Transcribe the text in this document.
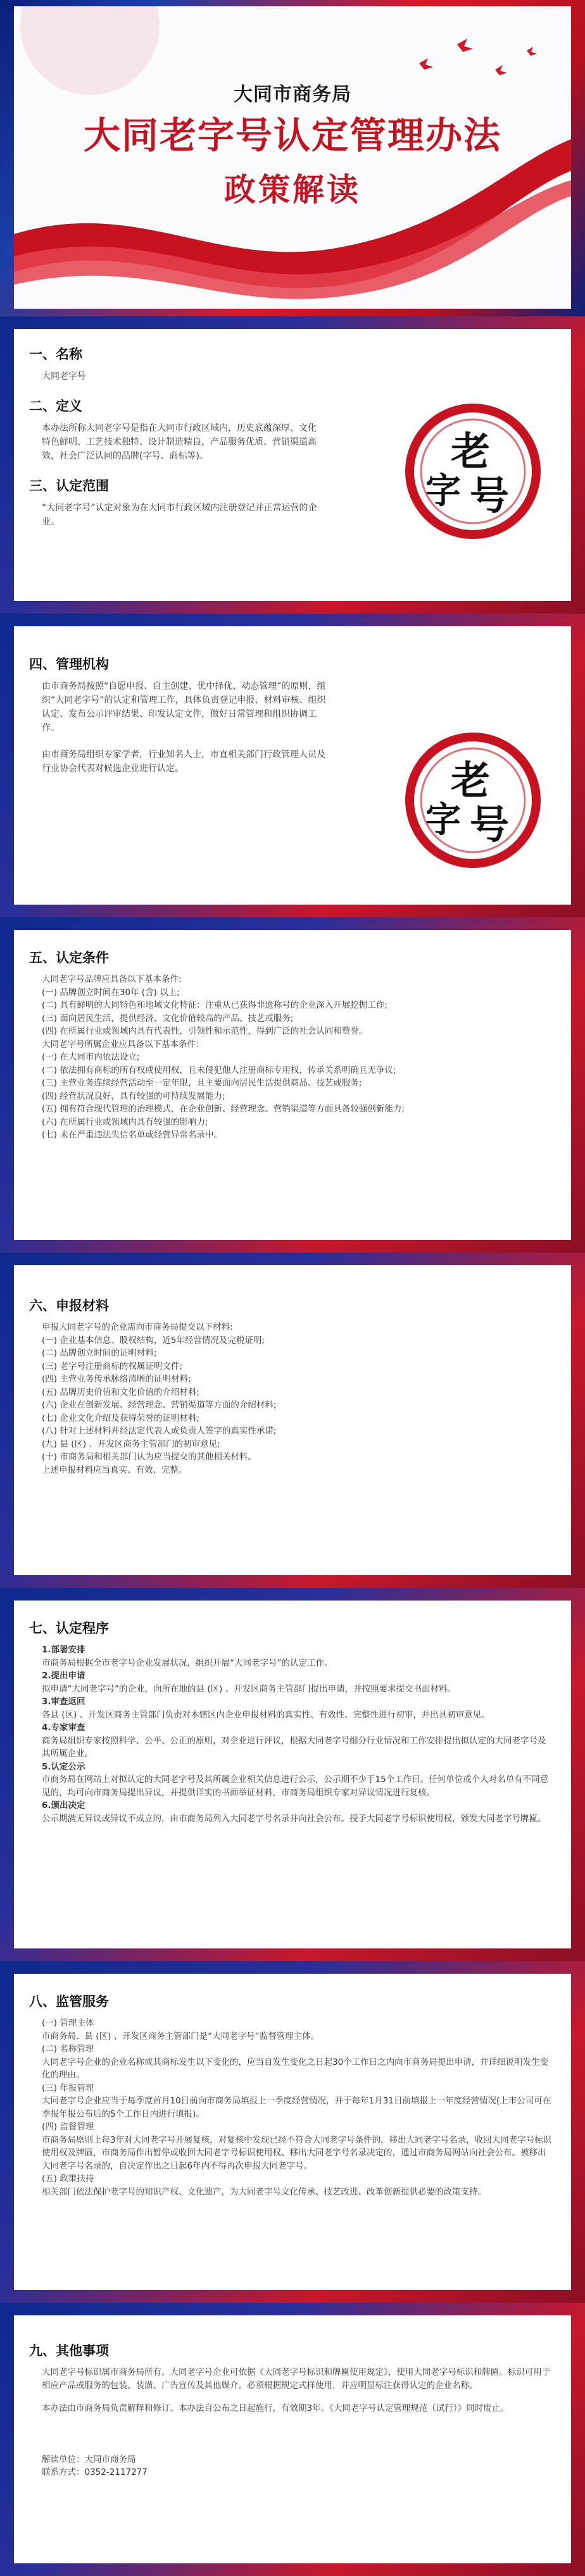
大同市商务局
大同老字号认定管理办法
政策解读
一、名称
大同老字号
二、定义
本办法所称大同老字号是指在大同市行政区域内，历史底蕴深厚、文化特色鲜明、工艺技术独特、设计制造精良，产品服务优质、营销渠道高效，社会广泛认同的品牌(字号、商标等)。
三、认定范围
“大同老字号”认定对象为在大同市行政区域内注册登记并正常运营的企业。
老
字 号
四、管理机构
由市商务局按照“自愿申报、自主创建、优中择优、动态管理”的原则，组织“大同老字号”的认定和管理工作，具体负责登记申报、材料审核、组织认定、发布公示评审结果、印发认定文件，做好日常管理和组织协调工作。
由市商务局组织专家学者，行业知名人士，市直相关部门行政管理人员及行业协会代表对候选企业进行认定。	老
字 号
五、认定条件

大同老字号品牌应具备以下基本条件:

(一) 品牌创立时间在30年 (含) 以上;

(二) 具有鲜明的大同特色和地域文化特征：注重从已获得非遗称号的企业深入开展挖掘工作;

(三) 面向居民生活，提供经济、文化价值较高的产品、技艺或服务;

(四) 在所属行业或领域内具有代表性，引领性和示范性，得到广泛的社会认同和赞誉。

大同老字号所属企业应具备以下基本条件：

(一) 在大同市内依法设立;

(二) 依法拥有商标的所有权或使用权，且未侵犯他人注册商标专用权，传承关系明确且无争议;

(三) 主营业务连续经营活动至一定年限，且主要面向居民生活提供商品、技艺或服务;

(四) 经营状况良好，具有较强的可持续发展能力;

(五) 拥有符合现代管理的治理模式，在企业创新、经营理念、营销渠道等方面具备较强创新能力;

(六) 在所属行业或领域内具有较强的影响力;

(七) 未在严重违法失信名单或经营异常名录中。

六、申报材料

申报大同老字号的企业需向市商务局提交以下材料:

(一) 企业基本信息、股权结构，近5年经营情况及完税证明;

(二) 品牌创立时间的证明材料;

(三) 老字号注册商标的权属证明文件;

(四) 主营业务传承脉络清晰的证明材料;

(五) 品牌历史价值和文化价值的介绍材料;

(六) 企业在创新发展、经营理念、营销渠道等方面的介绍材料;

(七) 企业文化介绍及获得荣誉的证明材料;

(八) 针对上述材料并经法定代表人或负责人签字的真实性承诺;

(九) 县 (区) 、开发区商务主管部门的初审意见;

(十) 市商务局和相关部门认为应当提交的其他相关材料。

上述申报材料应当真实、有效、完整。

七、认定程序

1.部署安排

市商务局根据全市老字号企业发展状况，组织开展“大同老字号”的认定工作。

2.提出申请

拟申请“大同老字号”的企业，向所在地的县 (区) 、开发区商务主管部门提出申请，并按照要求提交书面材料。

3.审查返回

各县 (区) 、开发区商务主管部门负责对本辖区内企业申报材料的真实性、有效性、完整性进行初审，并出具初审意见。

4.专家审查

商务局组织专家按照科学、公平、公正的原则，对企业进行评议，根据大同老字号细分行业情况和工作安排提出拟认定的大同老字号及其所属企业。

5.认定公示

市商务局在网站上对拟认定的大同老字号及其所属企业相关信息进行公示，公示期不少于15个工作日。任何单位或个人对名单有不同意见的，均可向市商务局提出异议，并提供详实的书面举证材料，市商务局组织专家对异议情况进行复核。

6.颁出决定

公示期满无异议或异议不成立的，由市商务局列入大同老字号名录并向社会公布。授予大同老字号标识使用权，颁发大同老字号牌匾。

八、监管服务

(一) 管理主体

市商务局、县 (区) 、开发区商务主管部门是“大同老字号”监督管理主体。

(二) 名称管理

大同老字号企业的企业名称或其商标发生以下变化的，应当自发生变化之日起30个工作日之内向市商务局提出申请，并详细说明发生变化的理由。

(三) 年报管理

大同老字号企业应当于每季度首月10日前向市商务局填报上一季度经营情况，并于每年1月31日前填报上一年度经营情况(上市公司可在季报年报公布后的5个工作日内进行填报)。

(四) 监督管理

市商务局原则上每3年对大同老字号开展复核，对复核中发现已经不符合大同老字号条件的，移出大同老字号名录，收回大同老字号标识使用权及牌匾，市商务局作出暂停或收回大同老字号标识使用权、移出大同老字号名录决定的，通过市商务局网站向社会公布。被移出大同老字号名录的，自决定作出之日起6年内不得再次申报大同老字号。

(五) 政策扶持

相关部门依法保护老字号的知识产权、文化遗产，为大同老字号文化传承、技艺改进、改革创新提供必要的政策支持。

九、其他事项
大同老字号标识属市商务局所有。大同老字号企业可依据《大同老字号标识和牌匾使用规定》，使用大同老字号标识和牌匾。标识可用于相应产品或服务的包装、装潢、广告宣传及其他媒介。必须根据规定式样使用，并应明显标注获得认定的企业名称。
本办法由市商务局负责解释和修订。本办法自公布之日起施行，有效期3年。《大同老字号认定管理规范（试行）》同时废止。
解读单位：大同市商务局
联系方式：0352-2117277
